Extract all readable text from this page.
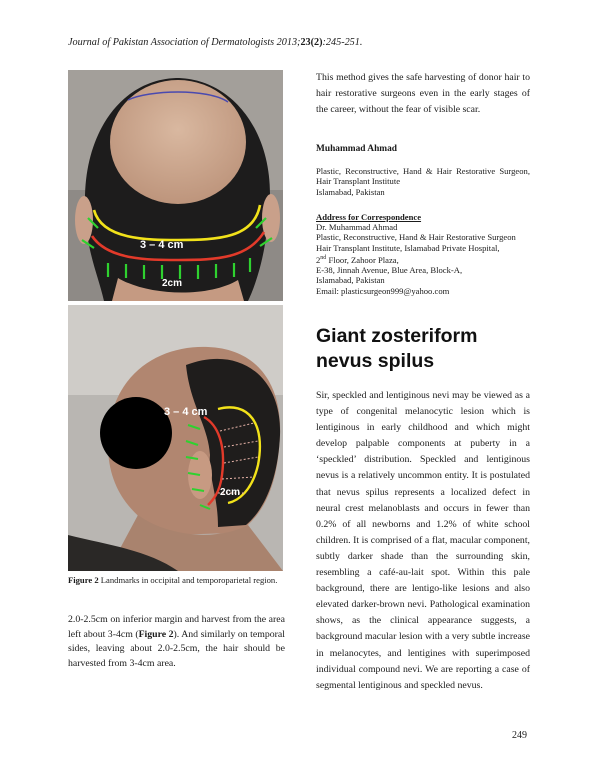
Journal of Pakistan Association of Dermatologists 2013;23(2):245-251.
3 – 4 cm
2cm
3 – 4 cm
2cm
Figure 2 Landmarks in occipital and temporoparietal region.
2.0-2.5cm on inferior margin and harvest from the area left about 3-4cm (Figure 2). And similarly on temporal sides, leaving about 2.0-2.5cm, the hair should be harvested from 3-4cm area.
This method gives the safe harvesting of donor hair to hair restorative surgeons even in the early stages of the career, without the fear of visible scar.
Muhammad Ahmad
Plastic, Reconstructive, Hand & Hair Restorative Surgeon, Hair Transplant Institute
Islamabad, Pakistan
Address for Correspondence
Dr. Muhammad Ahmad
Plastic, Reconstructive, Hand & Hair Restorative Surgeon
Hair Transplant Institute, Islamabad Private Hospital,
2nd Floor, Zahoor Plaza,
E-38, Jinnah Avenue, Blue Area, Block-A,
Islamabad, Pakistan
Email: plasticsurgeon999@yahoo.com
Giant zosteriform nevus spilus
Sir, speckled and lentiginous nevi may be viewed as a type of congenital melanocytic lesion which is lentiginous in early childhood and which might develop palpable components at puberty in a ‘speckled’ distribution. Speckled and lentiginous nevus is a relatively uncommon entity. It is postulated that nevus spilus represents a localized defect in neural crest melanoblasts and occurs in fewer than 0.2% of all newborns and 1.2% of white school children. It is comprised of a flat, macular component, subtly darker shade than the surrounding skin, resembling a café-au-lait spot. Within this pale background, there are lentigo-like lesions and also elevated darker-brown nevi. Pathological examination shows, as the clinical appearance suggests, a background macular lesion with a very subtle increase in melanocytes, and lentigines with superimposed individual compound nevi. We are reporting a case of segmental lentiginous and speckled nevus.
249
